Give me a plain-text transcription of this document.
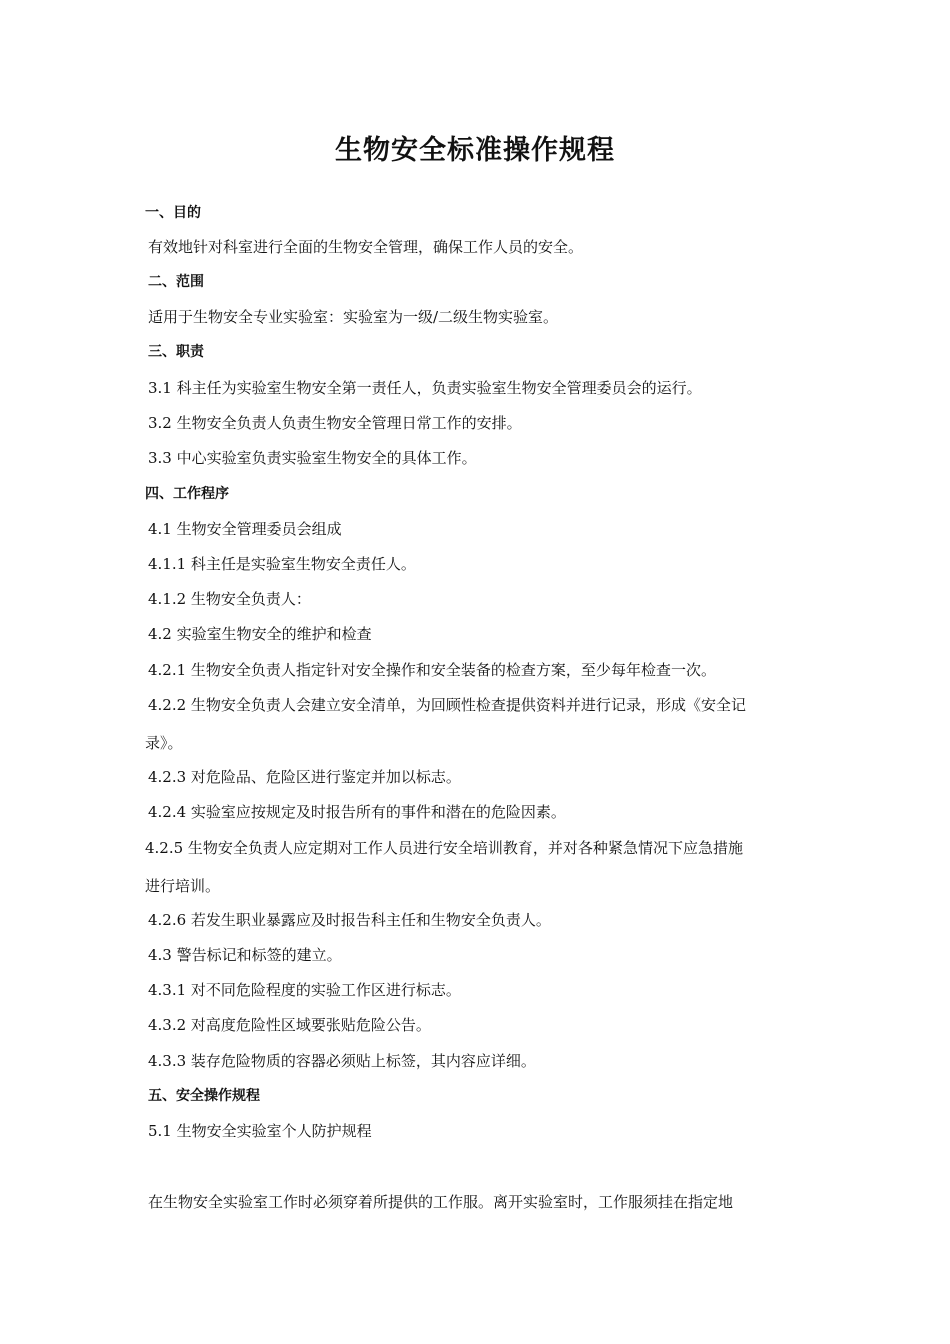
生物安全标准操作规程
一、目的
有效地针对科室进行全面的生物安全管理，确保工作人员的安全。
二、范围
适用于生物安全专业实验室：实验室为一级/二级生物实验室。
三、职责
3.1 科主任为实验室生物安全第一责任人，负责实验室生物安全管理委员会的运行。
3.2 生物安全负责人负责生物安全管理日常工作的安排。
3.3 中心实验室负责实验室生物安全的具体工作。
四、工作程序
4.1 生物安全管理委员会组成
4.1.1 科主任是实验室生物安全责任人。
4.1.2 生物安全负责人：
4.2 实验室生物安全的维护和检查
4.2.1 生物安全负责人指定针对安全操作和安全装备的检查方案，至少每年检查一次。
4.2.2 生物安全负责人会建立安全清单，为回顾性检查提供资料并进行记录，形成《安全记
录》。
4.2.3 对危险品、危险区进行鉴定并加以标志。
4.2.4 实验室应按规定及时报告所有的事件和潜在的危险因素。
4.2.5 生物安全负责人应定期对工作人员进行安全培训教育，并对各种紧急情况下应急措施
进行培训。
4.2.6 若发生职业暴露应及时报告科主任和生物安全负责人。
4.3 警告标记和标签的建立。
4.3.1 对不同危险程度的实验工作区进行标志。
4.3.2 对高度危险性区域要张贴危险公告。
4.3.3 装存危险物质的容器必须贴上标签，其内容应详细。
五、安全操作规程
5.1 生物安全实验室个人防护规程
在生物安全实验室工作时必须穿着所提供的工作服。离开实验室时，工作服须挂在指定地
